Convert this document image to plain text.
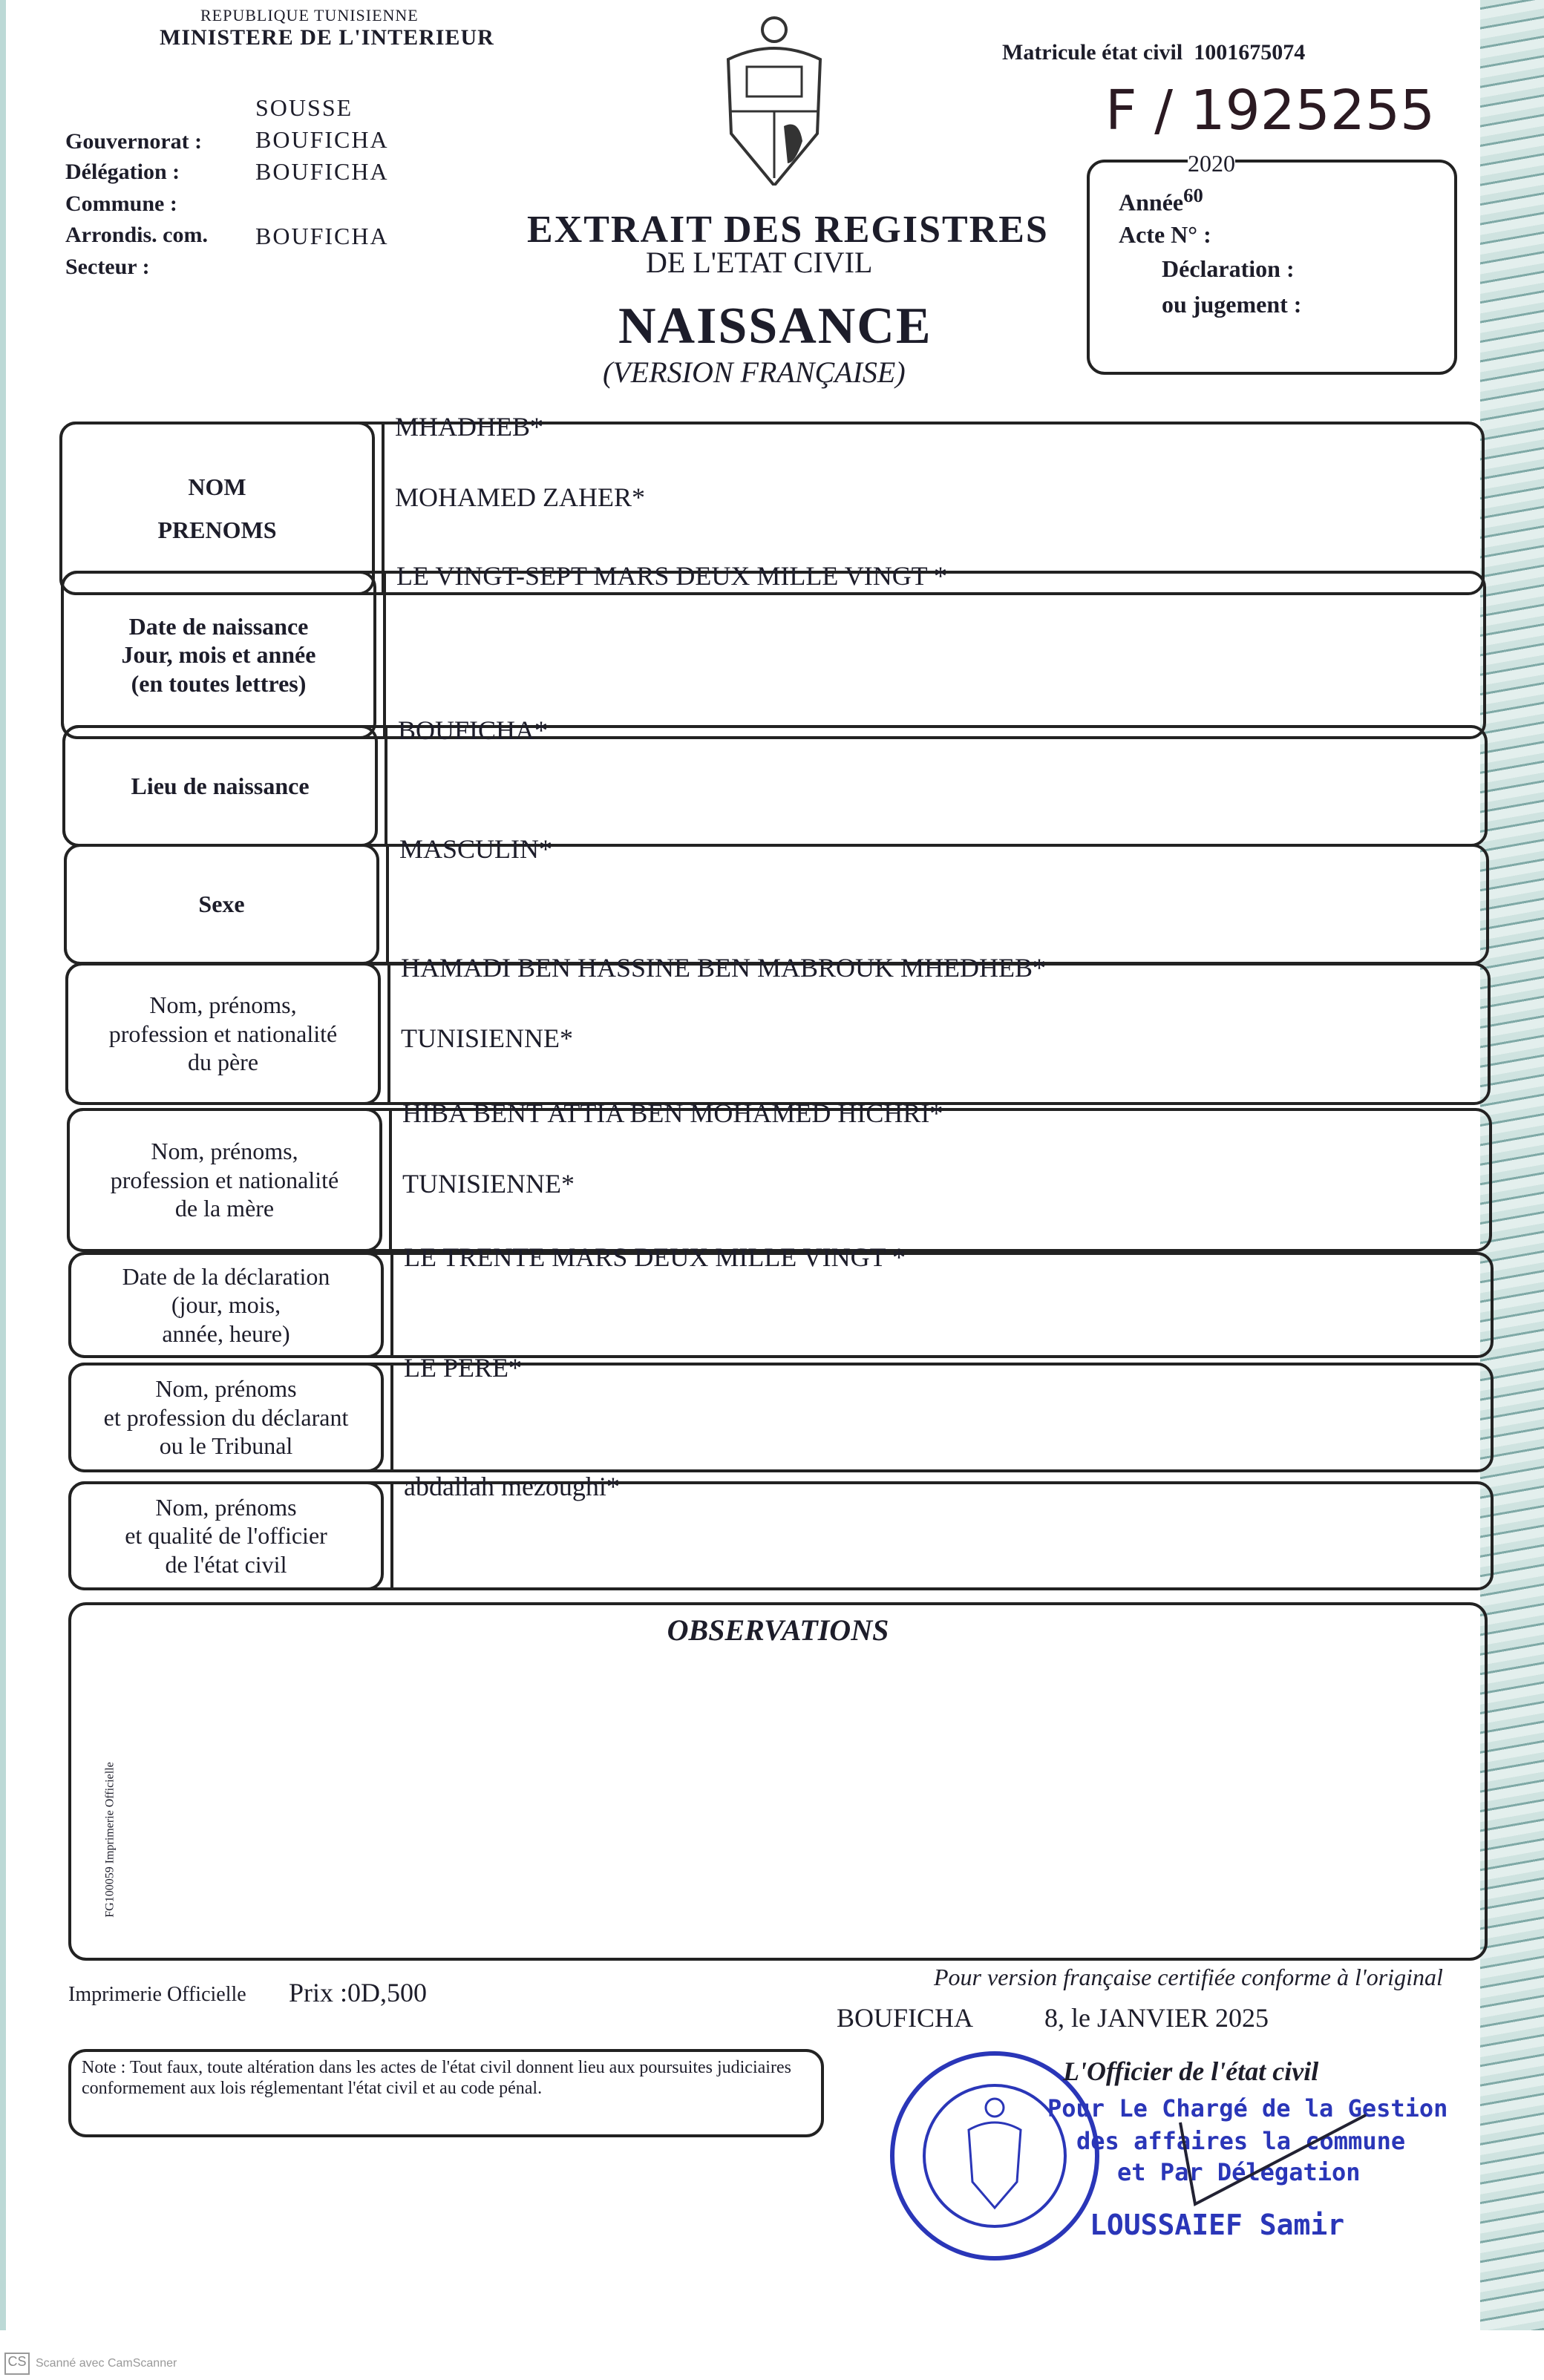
REPUBLIQUE TUNISIENNE
MINISTERE DE L'INTERIEUR
Gouvernorat :
SOUSSE
Délégation :
BOUFICHA
Commune :
BOUFICHA
Arrondis. com.
Secteur :
BOUFICHA	EXTRAIT DES REGISTRES
DE L'ETAT CIVIL
NAISSANCE
(VERSION FRANÇAISE)
Matricule état civil 1001675074
F / 1925255
2020
Année$^{60}$
Acte N° :
Déclaration :
ou jugement :
NOM
PRENOMS
MHADHEB*
MOHAMED ZAHER*
Date de naissance
Jour, mois et année
(en toutes lettres)
LE VINGT-SEPT MARS DEUX MILLE VINGT *
Lieu de naissance
BOUFICHA*
Sexe
MASCULIN*
Nom, prénoms,
profession et nationalité
du père
HAMADI BEN HASSINE BEN MABROUK MHEDHEB*
TUNISIENNE*
Nom, prénoms,
profession et nationalité
de la mère
HIBA BENT ATTIA BEN MOHAMED HICHRI*
TUNISIENNE*
Date de la déclaration
(jour, mois,
année, heure)
LE TRENTE MARS DEUX MILLE VINGT *
Nom, prénoms
et profession du déclarant
ou le Tribunal
LE PERE*
Nom, prénoms
et qualité de l'officier
de l'état civil
abdallah mezoughi*
OBSERVATIONS
FG100059 Imprimerie Officielle
Imprimerie Officielle Prix :0D,500
Pour version française certifiée conforme à l'original
BOUFICHA	8, le JANVIER 2025
Note : Tout faux, toute altération dans les actes de l'état civil donnent lieu aux poursuites judiciaires conformement aux lois réglementant l'état civil et au code pénal.
L'Officier de l'état civil
Pour Le Chargé de la Gestion
des affaires la commune
et Par Délegation
LOUSSAIEF Samir
CS Scanné avec CamScanner
